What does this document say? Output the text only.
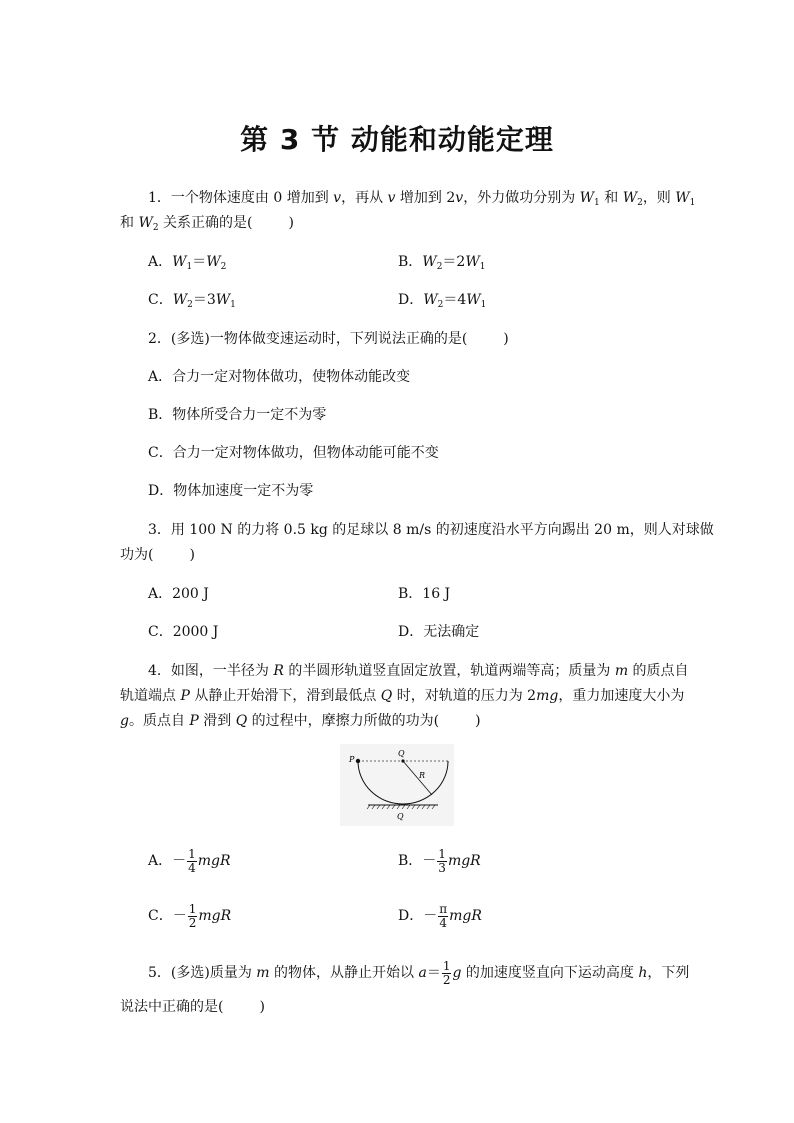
第 3 节 动能和动能定理
1．一个物体速度由 0 增加到 v，再从 v 增加到 2v，外力做功分别为 $W_1$ 和 $W_2$，则 $W_1$
和 $W_2$ 关系正确的是(	)
A．$W_1=W_2$	B．$W_2=2W_1$
C．$W_2=3W_1$	D．$W_2=4W_1$
2．(多选)一物体做变速运动时，下列说法正确的是(	)
A．合力一定对物体做功，使物体动能改变
B．物体所受合力一定不为零
C．合力一定对物体做功，但物体动能可能不变
D．物体加速度一定不为零
3．用 100 N 的力将 0.5 kg 的足球以 8 m/s 的初速度沿水平方向踢出 20 m，则人对球做
功为(	)
A．200 J	B．16 J
C．2000 J	D．无法确定
4．如图，一半径为 R 的半圆形轨道竖直固定放置，轨道两端等高；质量为 m 的质点自
轨道端点 P 从静止开始滑下，滑到最低点 Q 时，对轨道的压力为 2mg，重力加速度大小为
g。质点自 P 滑到 Q 的过程中，摩擦力所做的功为(	)
P
Q
R
Q
A．－ $\frac{1}{4}$ mgR	B．－ $\frac{1}{3}$ mgR
C．－ $\frac{1}{2}$ mgR	D．－ $\frac{\pi}{4}$ mgR
5．(多选)质量为 m 的物体，从静止开始以 $a= \frac{1}{2}$ g 的加速度竖直向下运动高度 h，下列
说法中正确的是(	)
